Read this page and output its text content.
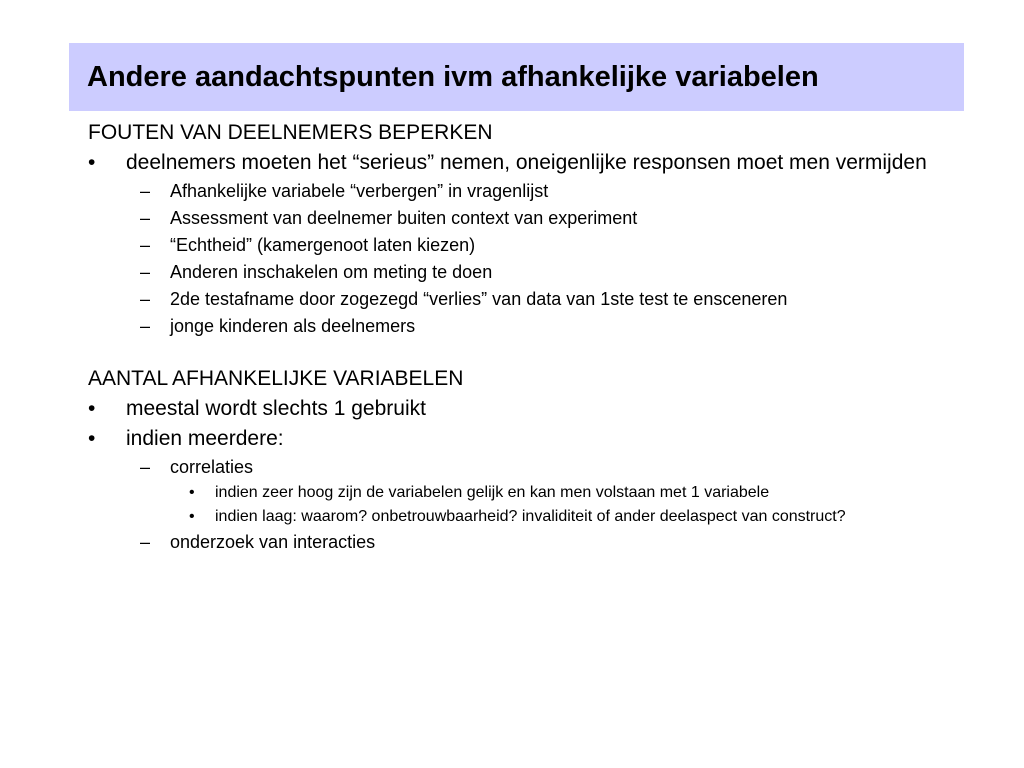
Andere aandachtspunten ivm afhankelijke variabelen
FOUTEN VAN DEELNEMERS BEPERKEN
• deelnemers moeten het “serieus” nemen, oneigenlijke responsen moet men vermijden
– Afhankelijke variabele “verbergen” in vragenlijst
– Assessment van deelnemer buiten context van experiment
– “Echtheid” (kamergenoot laten kiezen)
– Anderen inschakelen om meting te doen
– 2de testafname door zogezegd “verlies” van data van 1ste test te ensceneren
– jonge kinderen als deelnemers
AANTAL AFHANKELIJKE VARIABELEN
• meestal wordt slechts 1 gebruikt
• indien meerdere:
– correlaties
• indien zeer hoog zijn de variabelen gelijk en kan men volstaan met 1 variabele
• indien laag: waarom? onbetrouwbaarheid? invaliditeit of ander deelaspect van construct?
– onderzoek van interacties
